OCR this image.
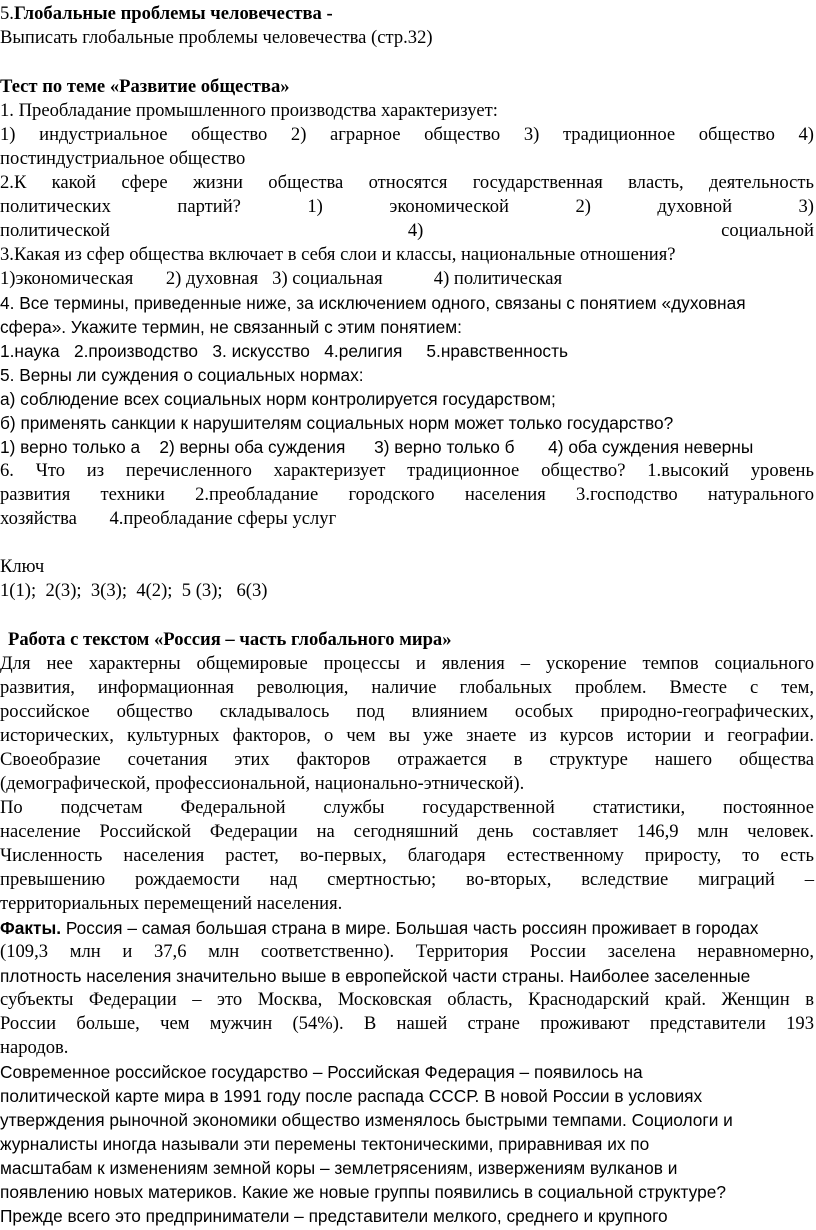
5.Глобальные проблемы человечества -
Выписать глобальные проблемы человечества (стр.32)
Тест по теме «Развитие общества»
1. Преобладание промышленного производства характеризует:
1) индустриальное общество 2) аграрное общество 3) традиционное общество 4)
постиндустриальное общество
2.К какой сфере жизни общества относятся государственная власть, деятельность
политических партий? 1) экономической 2) духовной 3)
политической 4) социальной
3.Какая из сфер общества включает в себя слои и классы, национальные отношения?
1)экономическая       2) духовная   3) социальная           4) политическая
4. Все термины, приведенные ниже, за исключением одного, связаны с понятием «духовная
сфера». Укажите термин, не связанный с этим понятием:
1.наука   2.производство   3. искусство   4.религия     5.нравственность
5. Верны ли суждения о социальных нормах:
а) соблюдение всех социальных норм контролируется государством;
б) применять санкции к нарушителям социальных норм может только государство?
1) верно только а    2) верны оба суждения      3) верно только б       4) оба суждения неверны
6. Что из перечисленного характеризует традиционное общество? 1.высокий уровень
развития техники 2.преобладание городского населения 3.господство натурального
хозяйства       4.преобладание сферы услуг
Ключ
1(1);  2(3);  3(3);  4(2);  5 (3);   6(3)
Работа с текстом «Россия – часть глобального мира»
Для нее характерны общемировые процессы и явления – ускорение темпов социального
развития, информационная революция, наличие глобальных проблем. Вместе с тем,
российское общество складывалось под влиянием особых природно-географических,
исторических, культурных факторов, о чем вы уже знаете из курсов истории и географии.
Своеобразие сочетания этих факторов отражается в структуре нашего общества
(демографической, профессиональной, национально-этнической).
По подсчетам Федеральной службы государственной статистики, постоянное
население Российской Федерации на сегодняшний день составляет 146,9 млн человек.
Численность населения растет, во-первых, благодаря естественному приросту, то есть
превышению рождаемости над смертностью; во-вторых, вследствие миграций –
территориальных перемещений населения.
Факты. Россия – самая большая страна в мире. Большая часть россиян проживает в городах
(109,3 млн и 37,6 млн соответственно). Территория России заселена неравномерно,
плотность населения значительно выше в европейской части страны. Наиболее заселенные
субъекты Федерации – это Москва, Московская область, Краснодарский край. Женщин в
России больше, чем мужчин (54%). В нашей стране проживают представители 193
народов.
Современное российское государство – Российская Федерация – появилось на
политической карте мира в 1991 году после распада СССР. В новой России в условиях
утверждения рыночной экономики общество изменялось быстрыми темпами. Социологи и
журналисты иногда называли эти перемены тектоническими, приравнивая их по
масштабам к изменениям земной коры – землетрясениям, извержениям вулканов и
появлению новых материков. Какие же новые группы появились в социальной структуре?
Прежде всего это предприниматели – представители мелкого, среднего и крупного
